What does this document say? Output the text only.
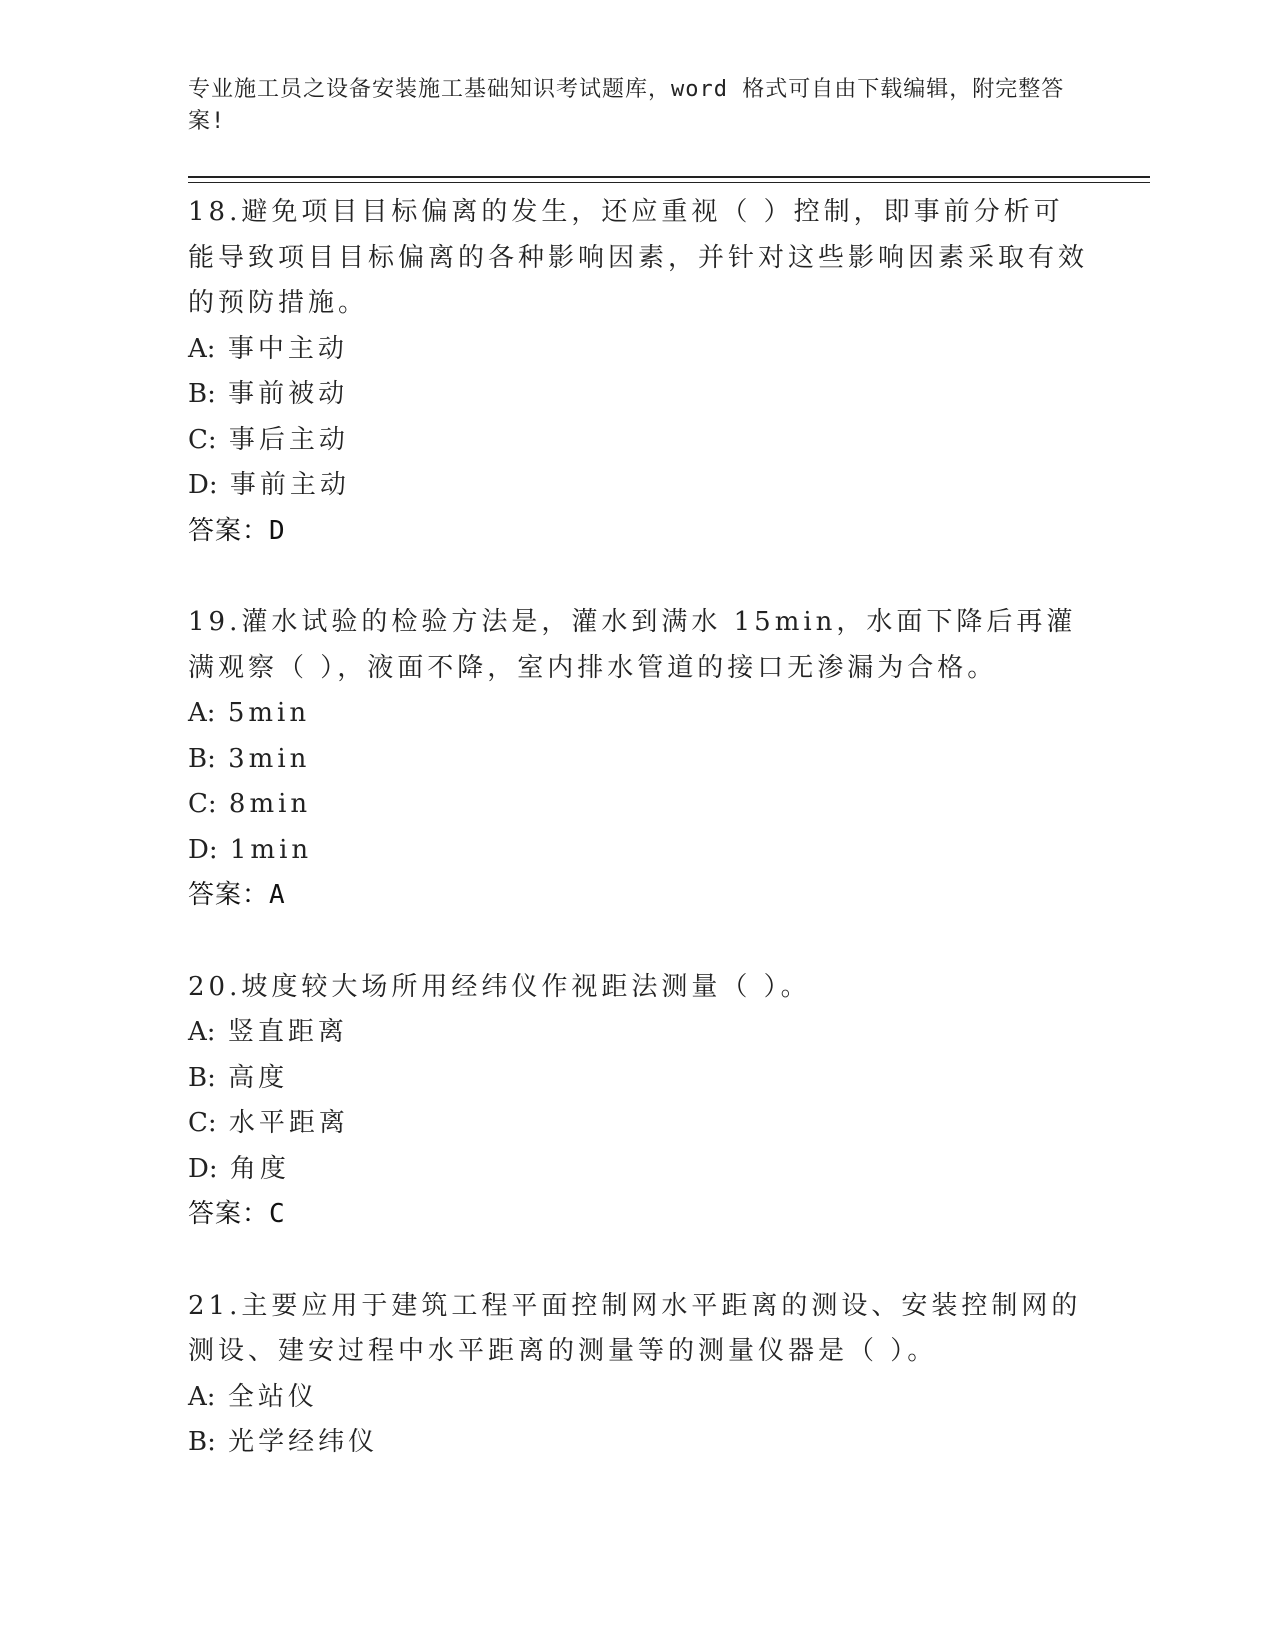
专业施工员之设备安装施工基础知识考试题库，word 格式可自由下载编辑，附完整答案!
18.避免项目目标偏离的发生，还应重视（ ）控制，即事前分析可能导致项目目标偏离的各种影响因素，并针对这些影响因素采取有效的预防措施。
A: 事中主动
B: 事前被动
C: 事后主动
D: 事前主动
答案：D
19.灌水试验的检验方法是，灌水到满水 15min，水面下降后再灌满观察（ ），液面不降，室内排水管道的接口无渗漏为合格。
A: 5min
B: 3min
C: 8min
D: 1min
答案：A
20.坡度较大场所用经纬仪作视距法测量（ ）。
A: 竖直距离
B: 高度
C: 水平距离
D: 角度
答案：C
21.主要应用于建筑工程平面控制网水平距离的测设、安装控制网的测设、建安过程中水平距离的测量等的测量仪器是（ ）。
A: 全站仪
B: 光学经纬仪
